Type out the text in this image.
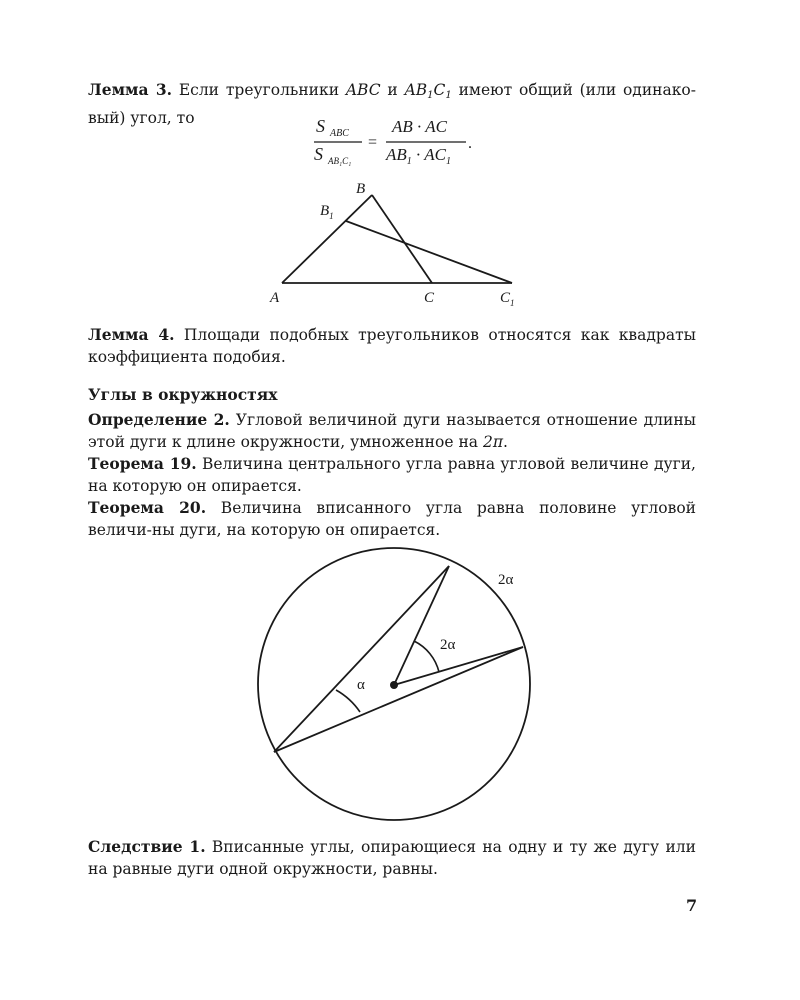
Лемма 3. Если треугольники ABC и $AB_1C_1$ имеют общий (или одинако-вый) угол, то	S ABC
S AB₁C₁
=
AB · AC
$AB_1 \cdot AC_1$
.
B
$B_1$
A	C	$C_1$

Лемма 4. Площади подобных треугольников относятся как квадраты коэффициента подобия.

Углы в окружностях

Определение 2. Угловой величиной дуги называется отношение длины этой дуги к длине окружности, умноженное на 2π.

Теорема 19. Величина центрального угла равна угловой величине дуги, на которую он опирается.

Теорема 20. Величина вписанного угла равна половине угловой величи-ны дуги, на которую он опирается.

2α
2α
α

Следствие 1. Вписанные углы, опирающиеся на одну и ту же дугу или на равные дуги одной окружности, равны.

7
